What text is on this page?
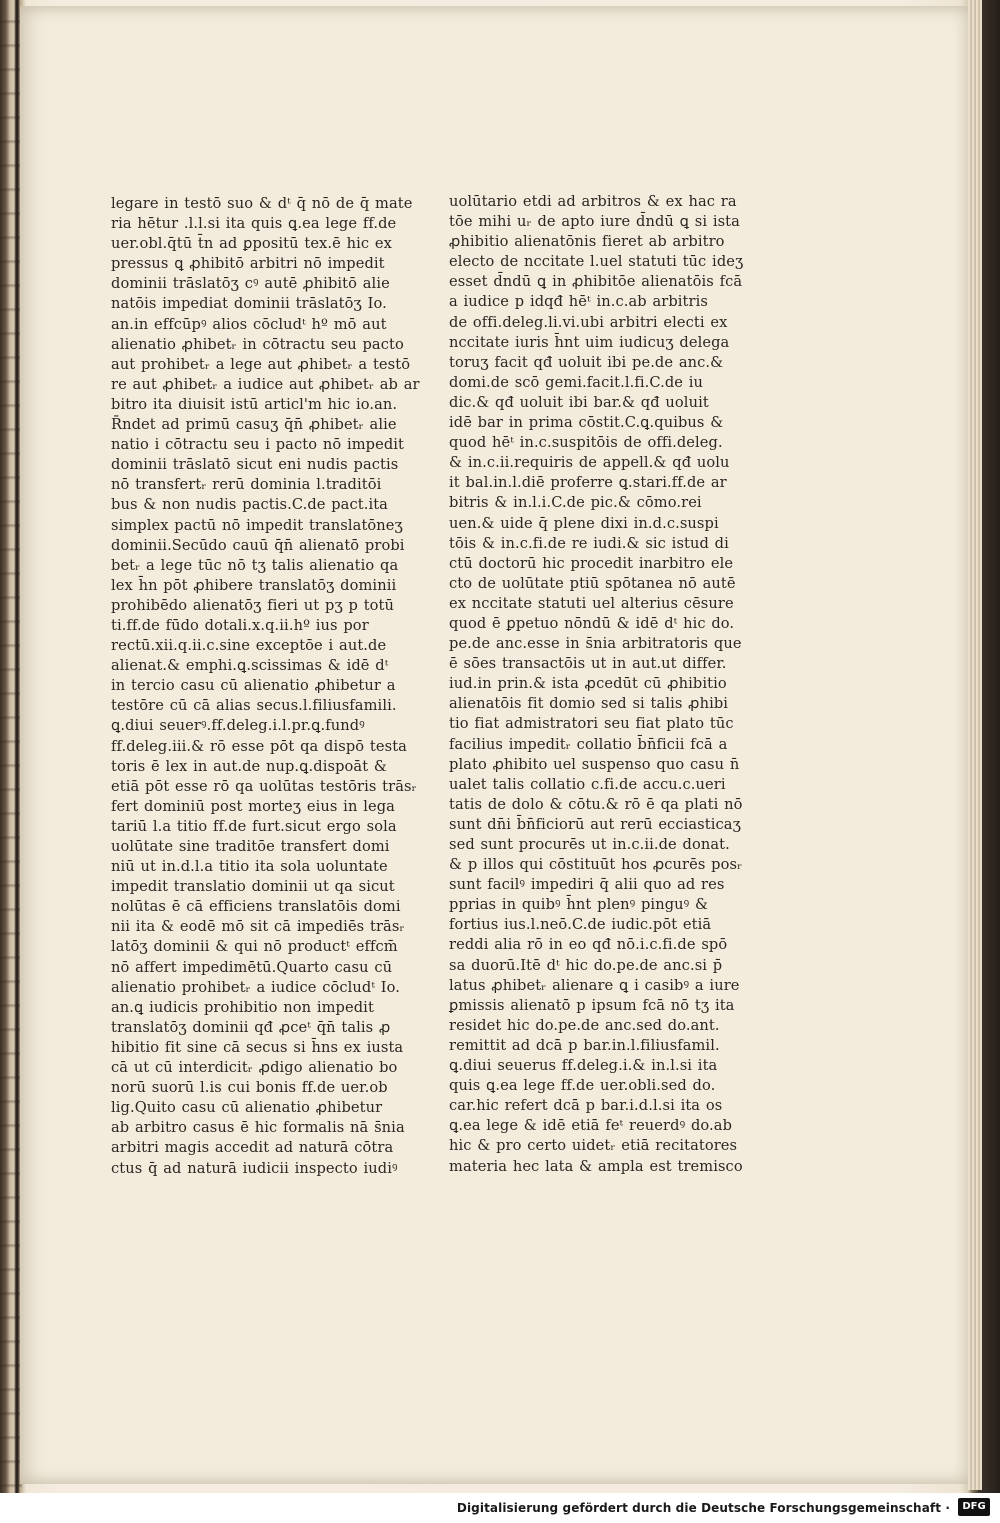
legare in testō suo & dᵗ q̄ nō de q̄ mate
ria hētur .l.l.si ita quis ꝗ.ea lege ff.de
uer.obl.q̄tū t̄n ad ꝑpositū tex.ē hic ex
pressus ꝗ ꝓhibitō arbitri nō impedit
dominii trāslatōʒ cꝰ autē ꝓhibitō alie
natōis impediat dominii trāslatōʒ Io.
an.in effcūpꝰ alios cōcludᵗ hº mō aut
alienatio ꝓhibetᵣ in cōtractu seu pacto
aut prohibetᵣ a lege aut ꝓhibetᵣ a testō
re aut ꝓhibetᵣ a iudice aut ꝓhibetᵣ ab ar
bitro ita diuisit istū articl'm hic io.an.
R̄ndet ad primū casuʒ q̄n̄ ꝓhibetᵣ alie
natio i cōtractu seu i pacto nō impedit
dominii trāslatō sicut eni nudis pactis
nō transfertᵣ rerū dominia l.traditōi
bus & non nudis pactis.C.de pact.ita
simplex pactū nō impedit translatōneʒ
dominii.Secūdo cauū q̄n̄ alienatō probi
betᵣ a lege tūc nō tʒ talis alienatio qa
lex h̄n pōt ꝓhibere translatōʒ dominii
prohibēdo alienatōʒ fieri ut pʒ p totū
ti.ff.de fūdo dotali.x.q.ii.hº ius por
rectū.xii.q.ii.c.sine exceptōe i aut.de
alienat.& emphi.ꝗ.scissimas & idē dᵗ
in tercio casu cū alienatio ꝓhibetur a
testōre cū cā alias secus.l.filiusfamili.
ꝗ.diui seuerꝰ.ff.deleg.i.l.pr.ꝗ.fundꝰ
ff.deleg.iii.& rō esse pōt qa dispō testa
toris ē lex in aut.de nup.ꝗ.dispoāt &
etiā pōt esse rō qa uolūtas testōris trāsᵣ
fert dominiū post morteʒ eius in lega
tariū l.a titio ff.de furt.sicut ergo sola
uolūtate sine traditōe transfert domi
niū ut in.d.l.a titio ita sola uoluntate
impedit translatio dominii ut qa sicut
nolūtas ē cā efficiens translatōis domi
nii ita & eodē mō sit cā impediēs trāsᵣ
latōʒ dominii & qui nō productᵗ effcm̄
nō affert impedimētū.Quarto casu cū
alienatio prohibetᵣ a iudice cōcludᵗ Io.
an.ꝗ iudicis prohibitio non impedit
translatōʒ dominii qđ ꝓceᵗ q̄n̄ talis ꝓ
hibitio fit sine cā secus si h̄ns ex iusta
cā ut cū interdicitᵣ ꝓdigo alienatio bo
norū suorū l.is cui bonis ff.de uer.ob
lig.Quito casu cū alienatio ꝓhibetur
ab arbitro casus ē hic formalis nā s̄nia
arbitri magis accedit ad naturā cōtra
ctus q̄ ad naturā iudicii inspecto iudiꝰ
uolūtario etdi ad arbitros & ex hac ra
tōe mihi uᵣ de apto iure d̄ndū ꝗ si ista
ꝓhibitio alienatōnis fieret ab arbitro
electo de nccitate l.uel statuti tūc ideʒ
esset d̄ndū ꝗ in ꝓhibitōe alienatōis fcā
a iudice p idqđ hēᵗ in.c.ab arbitris
de offi.deleg.li.vi.ubi arbitri electi ex
nccitate iuris h̄nt uim iudicuʒ delega
toruʒ facit qđ uoluit ibi pe.de anc.&
domi.de scō gemi.facit.l.fi.C.de iu
dic.& qđ uoluit ibi bar.& qđ uoluit
idē bar in prima cōstit.C.ꝗ.quibus &
quod hēᵗ in.c.suspitōis de offi.deleg.
& in.c.ii.requiris de appell.& qđ uolu
it bal.in.l.diē proferre ꝗ.stari.ff.de ar
bitris & in.l.i.C.de pic.& cōmo.rei
uen.& uide q̄ plene dixi in.d.c.suspi
tōis & in.c.fi.de re iudi.& sic istud di
ctū doctorū hic procedit inarbitro ele
cto de uolūtate ptiū spōtanea nō autē
ex nccitate statuti uel alterius cēsure
quod ē ꝑpetuo nōndū & idē dᵗ hic do.
pe.de anc.esse in s̄nia arbitratoris que
ē sōes transactōis ut in aut.ut differ.
iud.in prin.& ista ꝓcedūt cū ꝓhibitio
alienatōis fit domio sed si talis ꝓhibi
tio fiat admistratori seu fiat plato tūc
facilius impeditᵣ collatio b̄n̄ficii fcā a
plato ꝓhibito uel suspenso quo casu n̄
ualet talis collatio c.fi.de accu.c.ueri
tatis de dolo & cōtu.& rō ē qa plati nō
sunt dn̄i b̄n̄ficiorū aut rerū ecciasticaʒ
sed sunt procurēs ut in.c.ii.de donat.
& p illos qui cōstituūt hos ꝓcurēs posᵣ
sunt facilꝰ impediri q̄ alii quo ad res
pprias in quibꝰ h̄nt plenꝰ pinguꝰ &
fortius ius.l.neō.C.de iudic.pōt etiā
reddi alia rō in eo qđ nō.i.c.fi.de spō
sa duorū.Itē dᵗ hic do.pe.de anc.si p̄
latus ꝓhibetᵣ alienare ꝗ i casibꝰ a iure
ꝑmissis alienatō p ipsum fcā nō tʒ ita
residet hic do.pe.de anc.sed do.ant.
remittit ad dcā p bar.in.l.filiusfamil.
ꝗ.diui seuerus ff.deleg.i.& in.l.si ita
quis ꝗ.ea lege ff.de uer.obli.sed do.
car.hic refert dcā p bar.i.d.l.si ita os
ꝗ.ea lege & idē etiā feᵗ reuerdꝰ do.ab
hic & pro certo uidetᵣ etiā recitatores
materia hec lata & ampla est tremisco
Digitalisierung gefördert durch die Deutsche Forschungsgemeinschaft ·	DFG
